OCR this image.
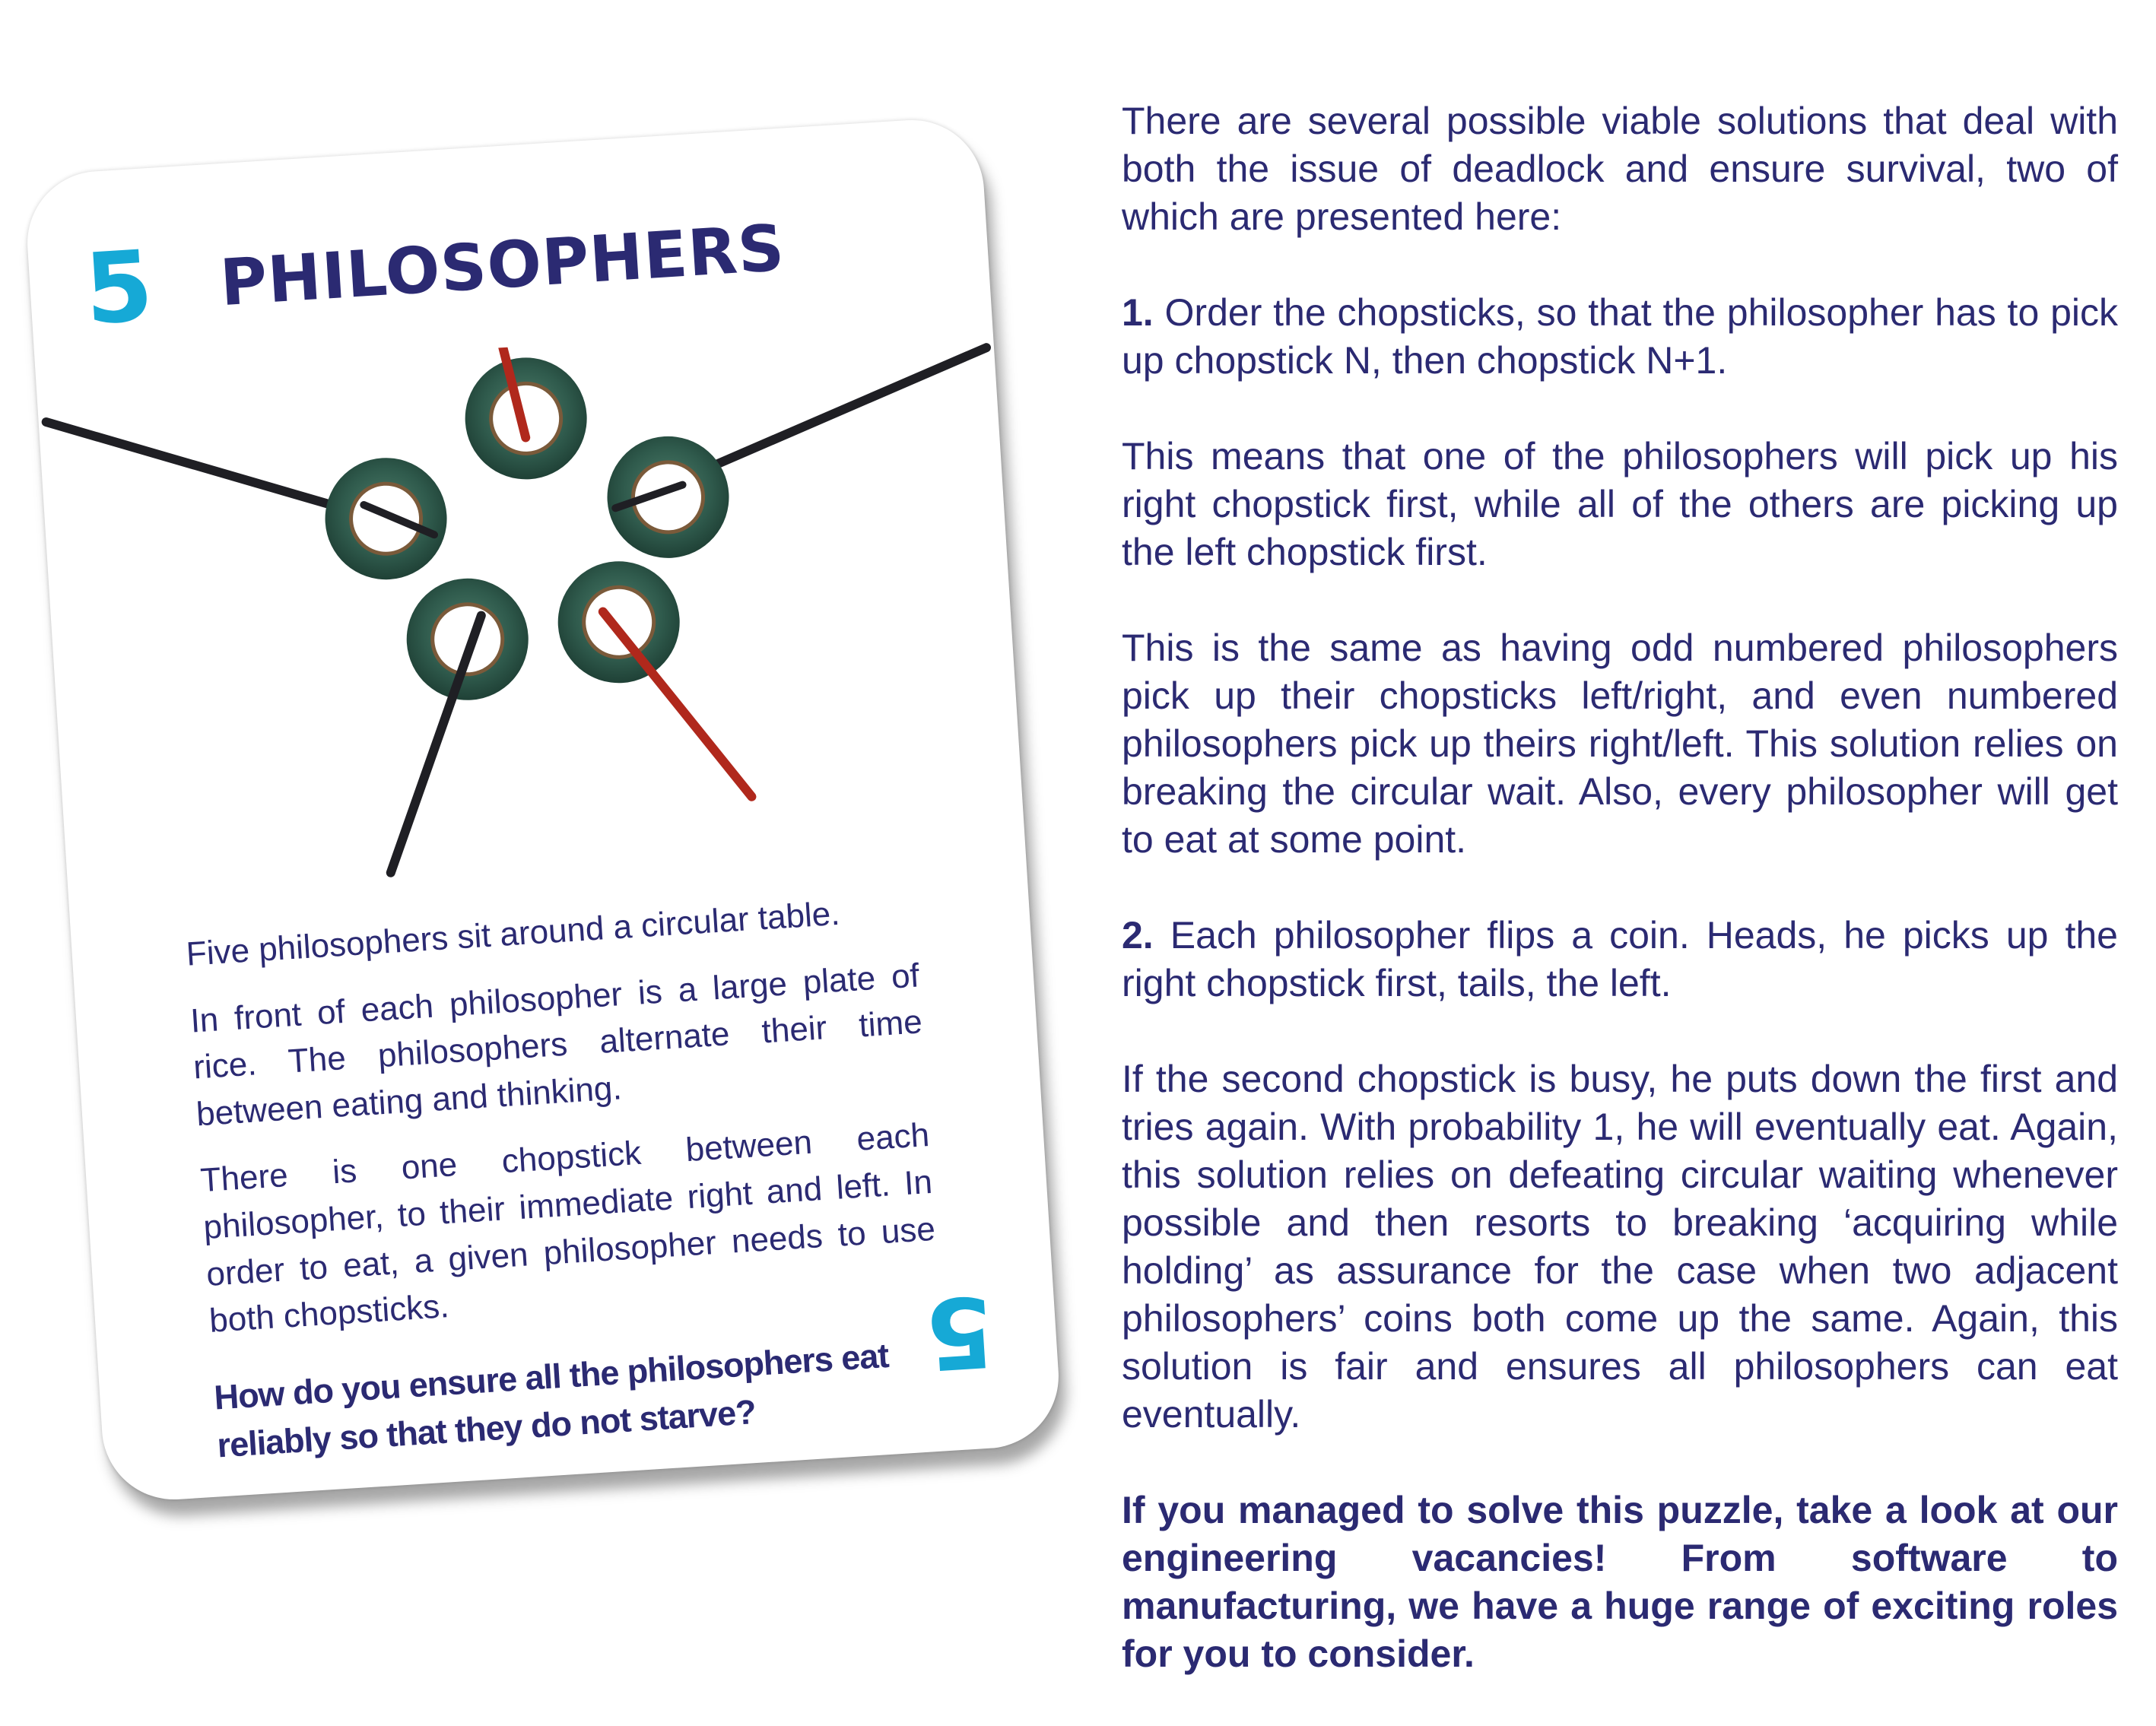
5 PHILOSOPHERS

Five philosophers sit around a circular table.

In front of each philosopher is a large plate of rice. The philosophers alternate their time between eating and thinking.

There is one chopstick between each philosopher, to their immediate right and left. In order to eat, a given philosopher needs to use both chopsticks.

How do you ensure all the philosophers eat reliably so that they do not starve?

5

There are several possible viable solutions that deal with both the issue of deadlock and ensure survival, two of which are presented here:

1. Order the chopsticks, so that the philosopher has to pick up chopstick N, then chopstick N+1.

This means that one of the philosophers will pick up his right chopstick first, while all of the others are picking up the left chopstick first.

This is the same as having odd numbered philosophers pick up their chopsticks left/right, and even numbered philosophers pick up theirs right/left. This solution relies on breaking the circular wait. Also, every philosopher will get to eat at some point.

2. Each philosopher flips a coin. Heads, he picks up the right chopstick first, tails, the left.

If the second chopstick is busy, he puts down the first and tries again. With probability 1, he will eventually eat. Again, this solution relies on defeating circular waiting whenever possible and then resorts to breaking ‘acquiring while holding’ as assurance for the case when two adjacent philosophers’ coins both come up the same. Again, this solution is fair and ensures all philosophers can eat eventually.

If you managed to solve this puzzle, take a look at our engineering vacancies! From software to manufacturing, we have a huge range of exciting roles for you to consider.
